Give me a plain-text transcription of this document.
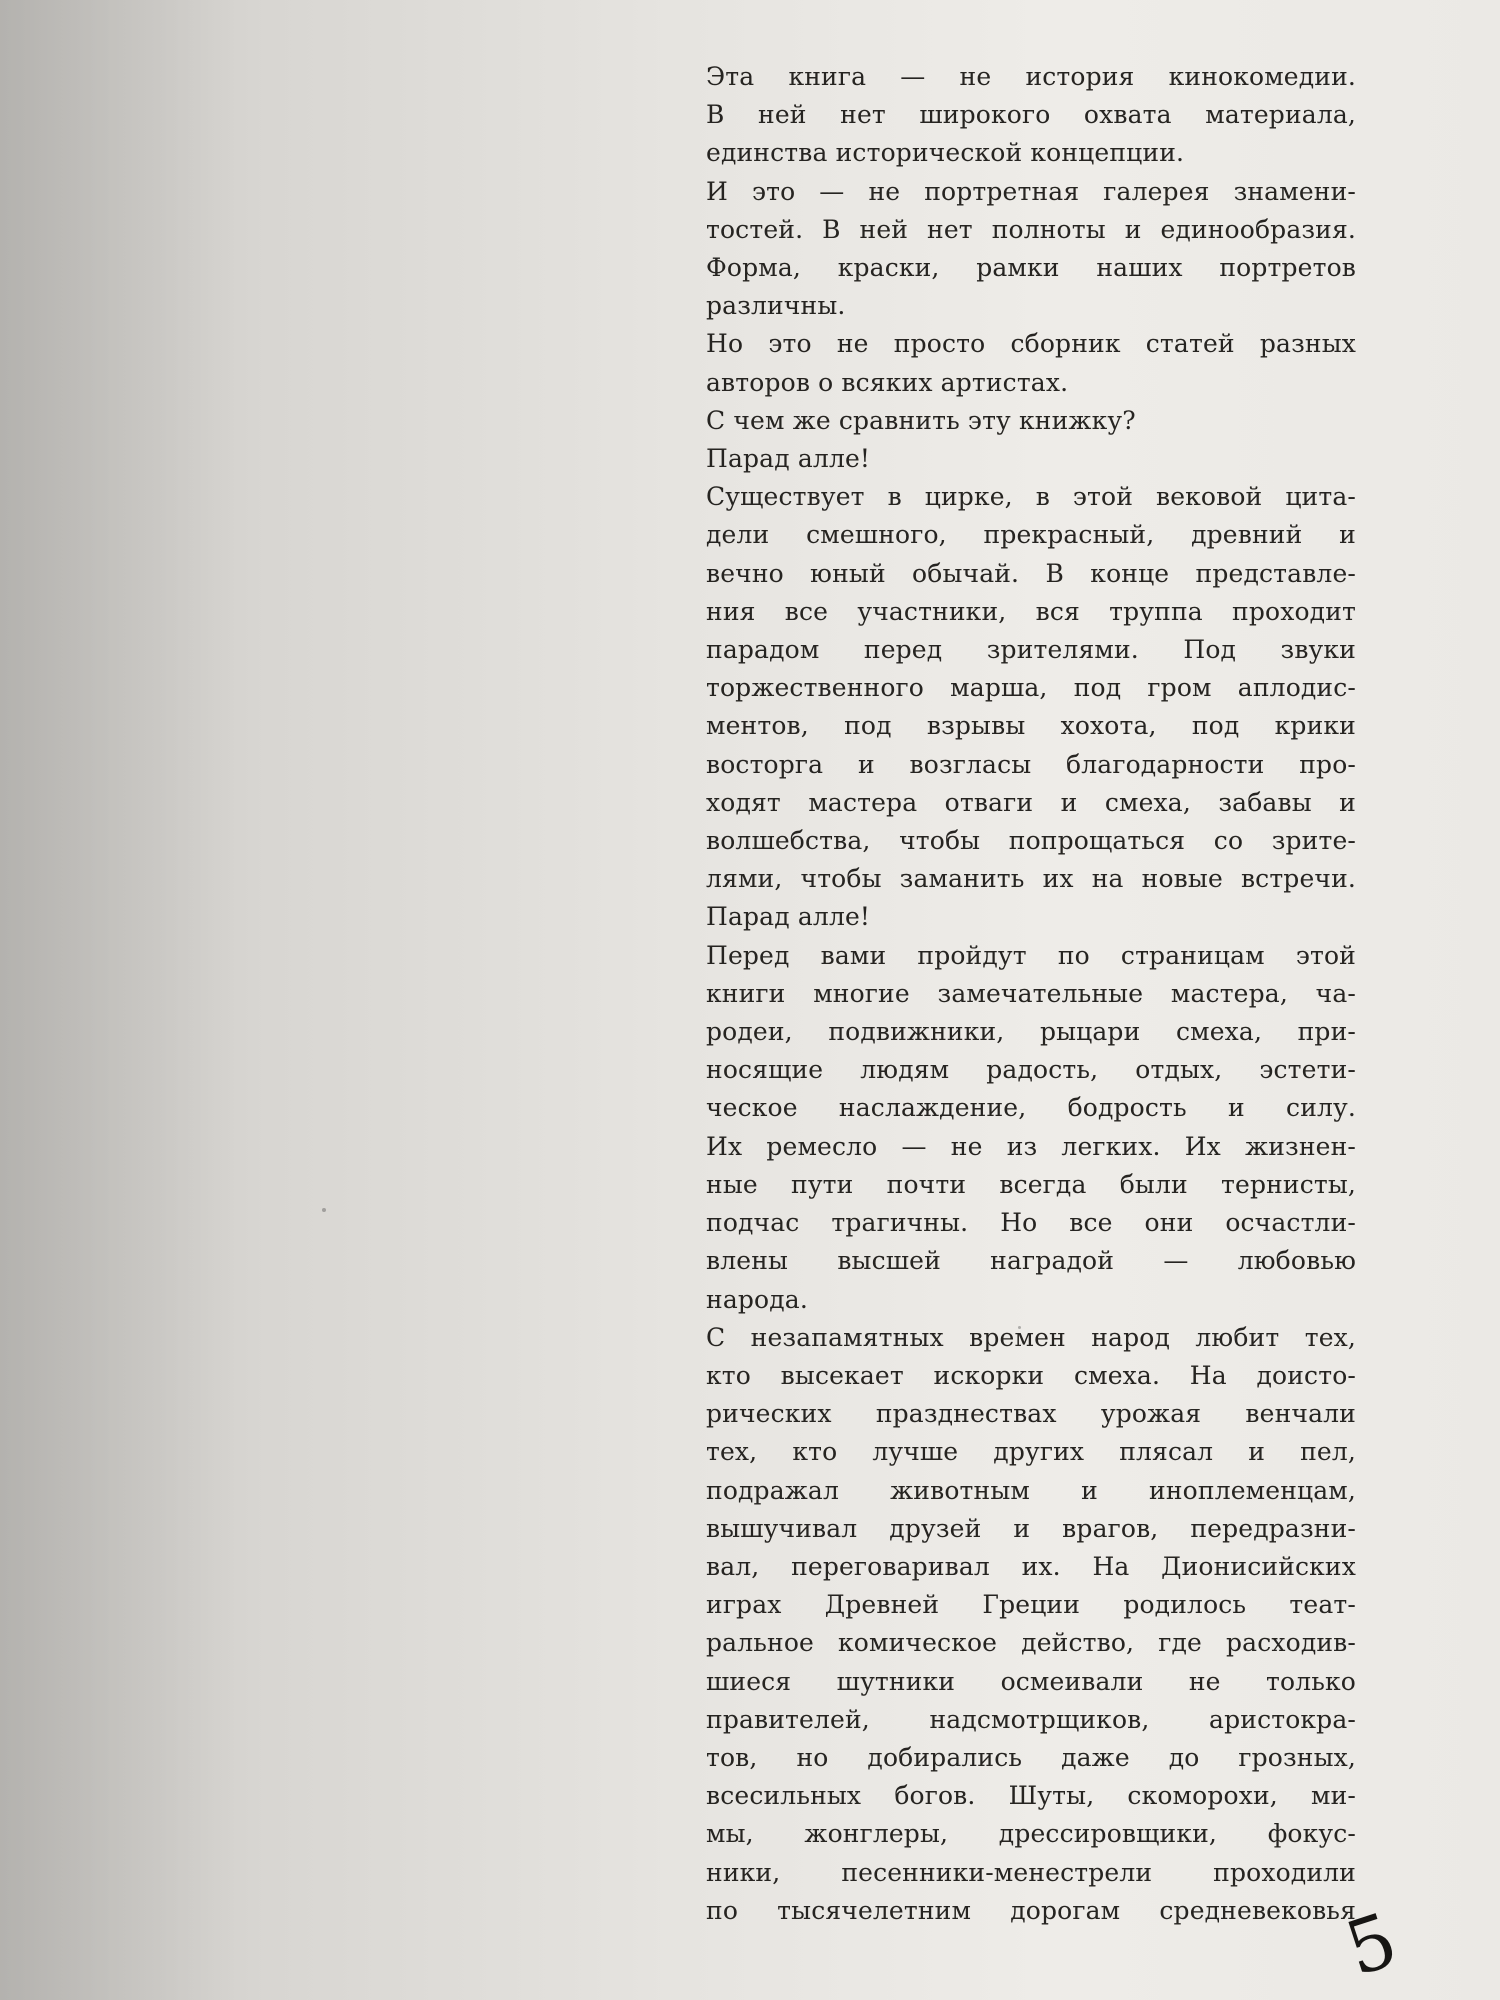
Эта книга — не история кинокомедии.
В ней нет широкого охвата материала,
единства исторической концепции.
И это — не портретная галерея знамени-
тостей. В ней нет полноты и единообразия.
Форма, краски, рамки наших портретов
различны.
Но это не просто сборник статей разных
авторов о всяких артистах.
С чем же сравнить эту книжку?
Парад алле!
Существует в цирке, в этой вековой цита-
дели смешного, прекрасный, древний и
вечно юный обычай. В конце представле-
ния все участники, вся труппа проходит
парадом перед зрителями. Под звуки
торжественного марша, под гром аплодис-
ментов, под взрывы хохота, под крики
восторга и возгласы благодарности про-
ходят мастера отваги и смеха, забавы и
волшебства, чтобы попрощаться со зрите-
лями, чтобы заманить их на новые встречи.
Парад алле!
Перед вами пройдут по страницам этой
книги многие замечательные мастера, ча-
родеи, подвижники, рыцари смеха, при-
носящие людям радость, отдых, эстети-
ческое наслаждение, бодрость и силу.
Их ремесло — не из легких. Их жизнен-
ные пути почти всегда были тернисты,
подчас трагичны. Но все они осчастли-
влены высшей наградой — любовью
народа.
С незапамятных времен народ любит тех,
кто высекает искорки смеха. На доисто-
рических празднествах урожая венчали
тех, кто лучше других плясал и пел,
подражал животным и иноплеменцам,
вышучивал друзей и врагов, передразни-
вал, переговаривал их. На Дионисийских
играх Древней Греции родилось теат-
ральное комическое действо, где расходив-
шиеся шутники осмеивали не только
правителей, надсмотрщиков, аристокра-
тов, но добирались даже до грозных,
всесильных богов. Шуты, скоморохи, ми-
мы, жонглеры, дрессировщики, фокус-
ники, песенники-менестрели проходили
по тысячелетним дорогам средневековья
5
